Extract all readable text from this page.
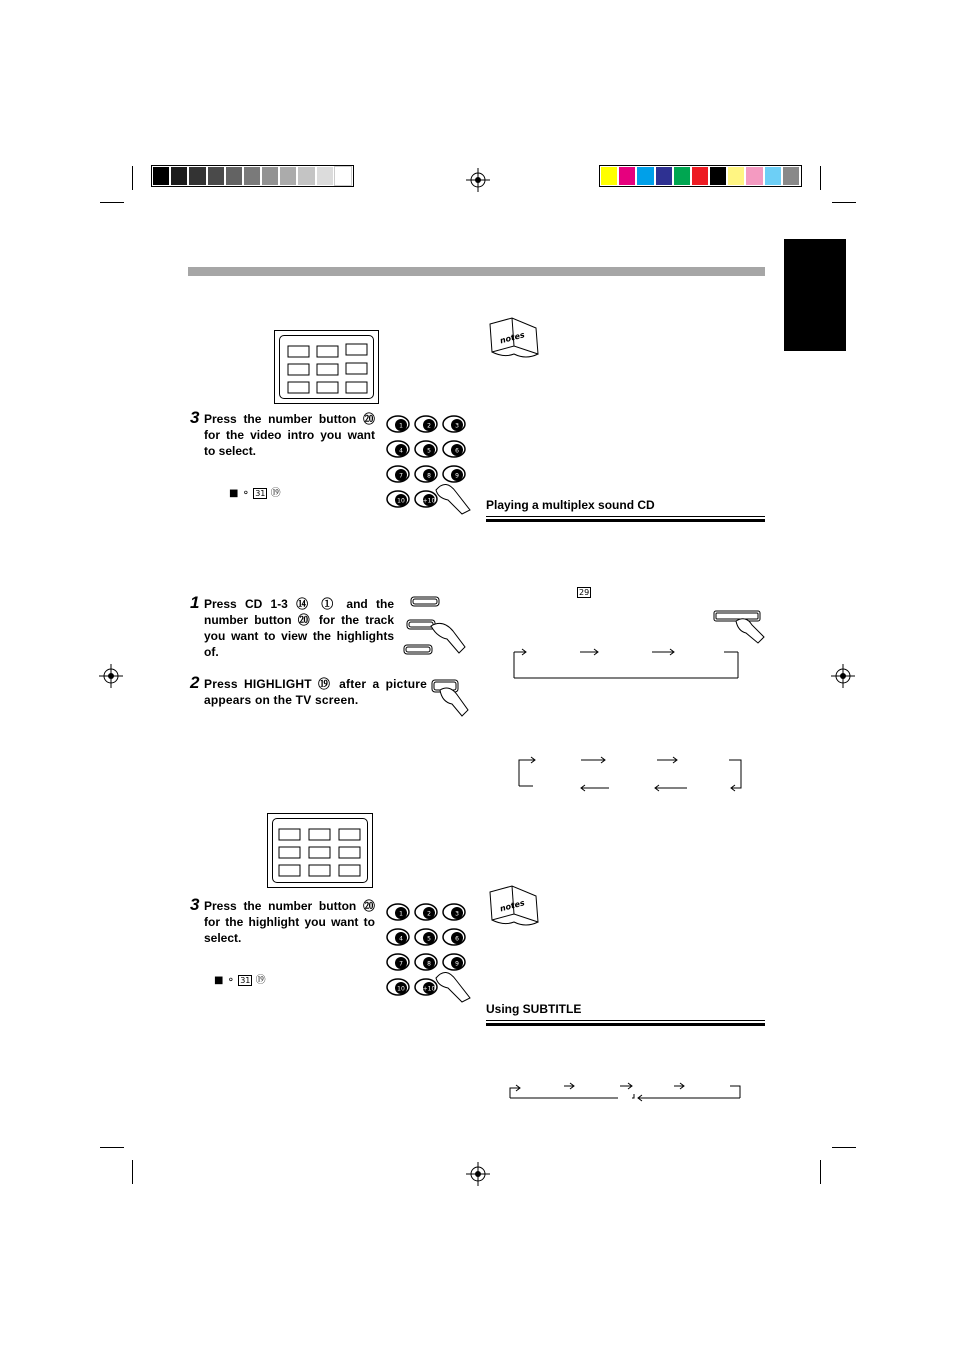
3 Press the number button ⑳ for the video intro you want to select.
■ ⚬ 31 ⑲
1	2	3
4	5	6
7	8	9
10	+10
1 Press CD 1-3 ⑭ ① and the number button ⑳ for the track you want to view the highlights of.
2 Press HIGHLIGHT ⑲ after a picture appears on the TV screen.
3 Press the number button ⑳ for the highlight you want to select.
■ ⚬ 31 ⑲
1	2	3
4	5	6
7	8	9
10	+10
notes
Playing a multiplex sound CD
29
notes
Using SUBTITLE
